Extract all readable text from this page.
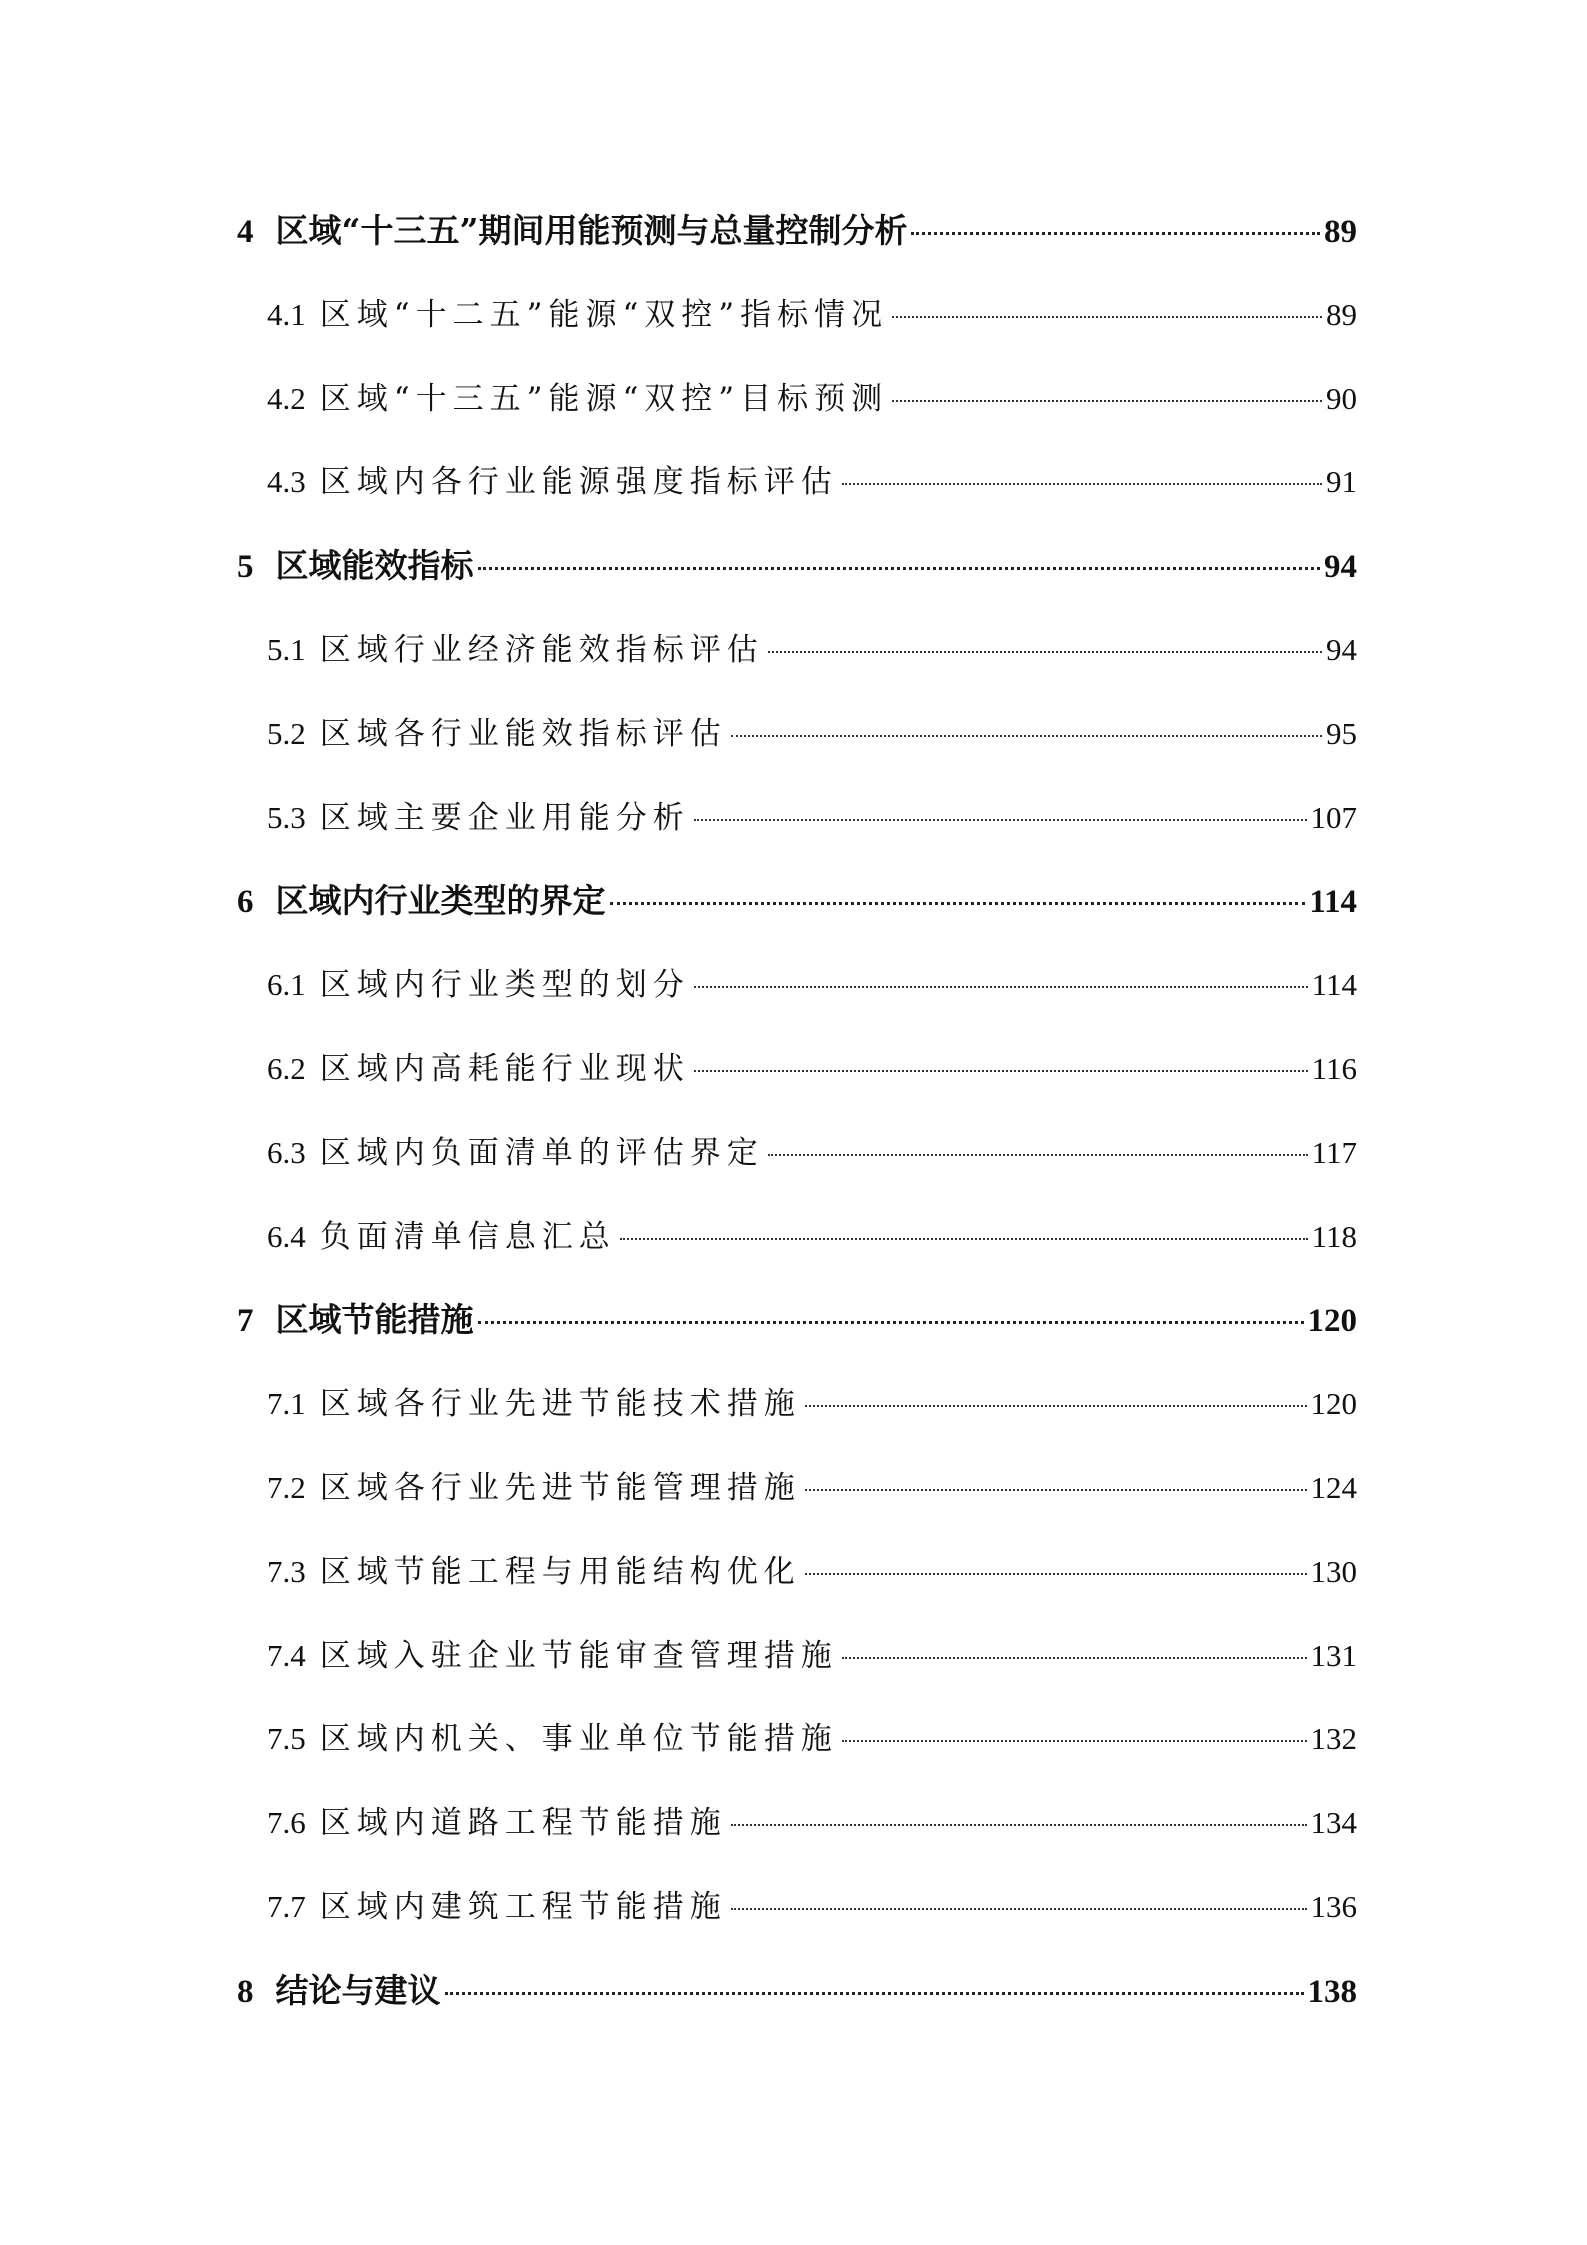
4 区域“十三五”期间用能预测与总量控制分析	89
4.1 区域“十二五”能源“双控”指标情况	89
4.2 区域“十三五”能源“双控”目标预测	90
4.3 区域内各行业能源强度指标评估	91
5 区域能效指标	94
5.1 区域行业经济能效指标评估	94
5.2 区域各行业能效指标评估	95
5.3 区域主要企业用能分析	107
6 区域内行业类型的界定	114
6.1 区域内行业类型的划分	114
6.2 区域内高耗能行业现状	116
6.3 区域内负面清单的评估界定	117
6.4 负面清单信息汇总	118
7 区域节能措施	120
7.1 区域各行业先进节能技术措施	120
7.2 区域各行业先进节能管理措施	124
7.3 区域节能工程与用能结构优化	130
7.4 区域入驻企业节能审查管理措施	131
7.5 区域内机关、事业单位节能措施	132
7.6 区域内道路工程节能措施	134
7.7 区域内建筑工程节能措施	136
8 结论与建议	138
